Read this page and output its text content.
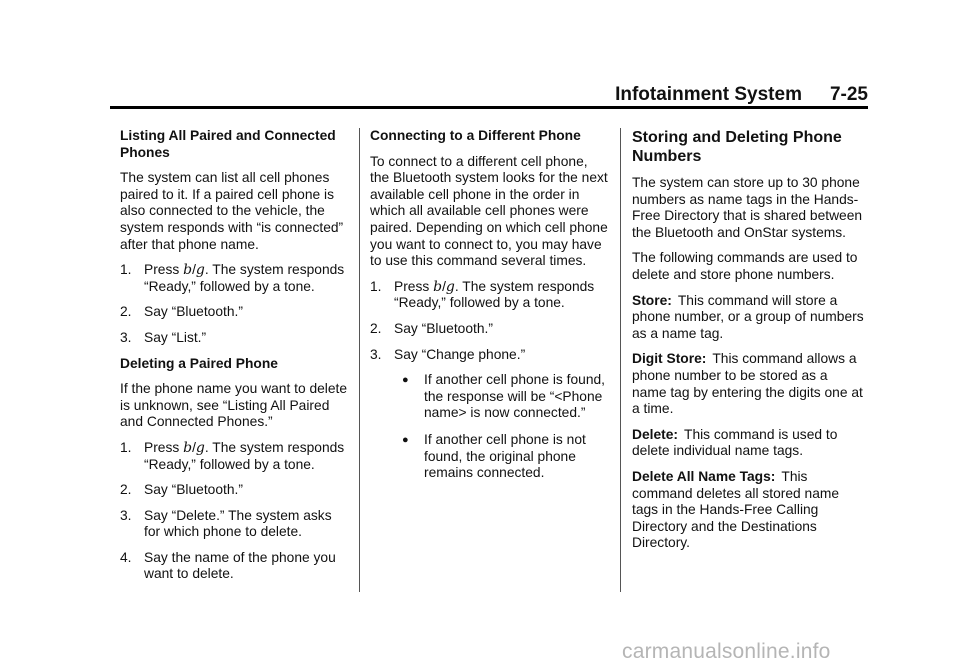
Infotainment System 7-25

Listing All Paired and Connected Phones

The system can list all cell phones paired to it. If a paired cell phone is also connected to the vehicle, the system responds with “is connected” after that phone name.

1. Press b/g. The system responds “Ready,” followed by a tone.
2. Say “Bluetooth.”
3. Say “List.”

Deleting a Paired Phone

If the phone name you want to delete is unknown, see “Listing All Paired and Connected Phones.”

1. Press b/g. The system responds “Ready,” followed by a tone.
2. Say “Bluetooth.”
3. Say “Delete.” The system asks for which phone to delete.
4. Say the name of the phone you want to delete.

Connecting to a Different Phone

To connect to a different cell phone, the Bluetooth system looks for the next available cell phone in the order in which all available cell phones were paired. Depending on which cell phone you want to connect to, you may have to use this command several times.

1. Press b/g. The system responds “Ready,” followed by a tone.
2. Say “Bluetooth.”
3. Say “Change phone.”
●	If another cell phone is found, the response will be “<Phone name> is now connected.”
●	If another cell phone is not found, the original phone remains connected.

Storing and Deleting Phone Numbers

The system can store up to 30 phone numbers as name tags in the Hands-Free Directory that is shared between the Bluetooth and OnStar systems.

The following commands are used to delete and store phone numbers.

Store: This command will store a phone number, or a group of numbers as a name tag.

Digit Store: This command allows a phone number to be stored as a name tag by entering the digits one at a time.

Delete: This command is used to delete individual name tags.

Delete All Name Tags: This command deletes all stored name tags in the Hands-Free Calling Directory and the Destinations Directory.

carmanualsonline.info
